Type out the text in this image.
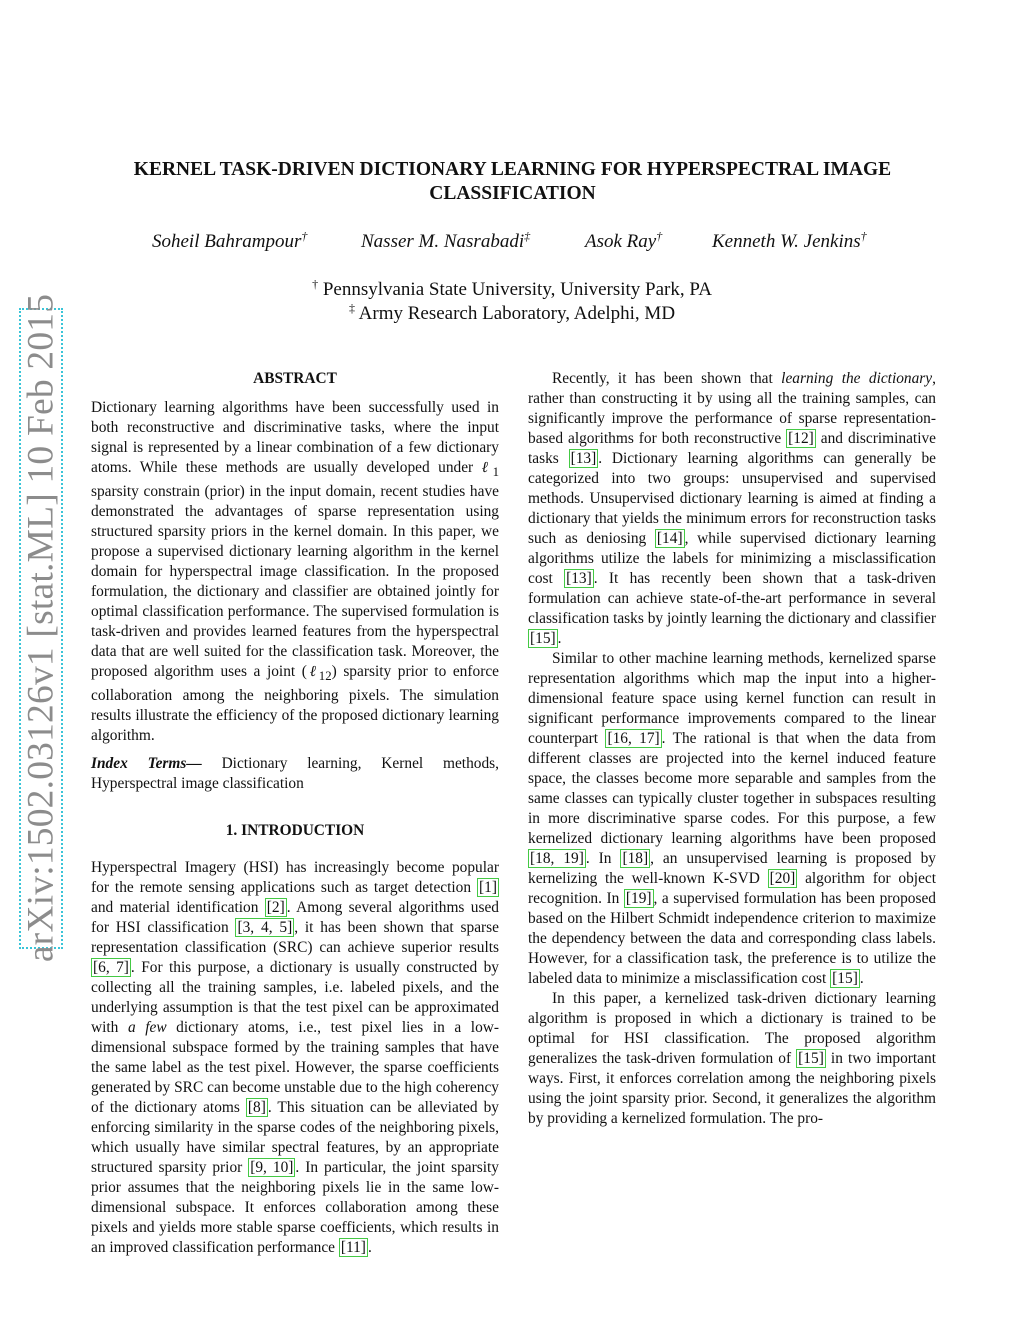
arXiv:1502.03126v1 [stat.ML] 10 Feb 2015
KERNEL TASK-DRIVEN DICTIONARY LEARNING FOR HYPERSPECTRAL IMAGE CLASSIFICATION
Soheil Bahrampour†	Nasser M. Nasrabadi‡	Asok Ray†	Kenneth W. Jenkins†
† Pennsylvania State University, University Park, PA
‡ Army Research Laboratory, Adelphi, MD

ABSTRACT

Dictionary learning algorithms have been successfully used in both reconstructive and discriminative tasks, where the input signal is represented by a linear combination of a few dictionary atoms. While these methods are usually developed under ℓ$_1$ sparsity constrain (prior) in the input domain, recent studies have demonstrated the advantages of sparse representation using structured sparsity priors in the kernel domain. In this paper, we propose a supervised dictionary learning algorithm in the kernel domain for hyperspectral image classification. In the proposed formulation, the dictionary and classifier are obtained jointly for optimal classification performance. The supervised formulation is task-driven and provides learned features from the hyperspectral data that are well suited for the classification task. Moreover, the proposed algorithm uses a joint (ℓ$_{12}$) sparsity prior to enforce collaboration among the neighboring pixels. The simulation results illustrate the efficiency of the proposed dictionary learning algorithm.

Index Terms— Dictionary learning, Kernel methods, Hyperspectral image classification

1. INTRODUCTION

Hyperspectral Imagery (HSI) has increasingly become popular for the remote sensing applications such as target detection [1] and material identification [2] . Among several algorithms used for HSI classification [3, 4, 5] , it has been shown that sparse representation classification (SRC) can achieve superior results [6, 7] . For this purpose, a dictionary is usually constructed by collecting all the training samples, i.e. labeled pixels, and the underlying assumption is that the test pixel can be approximated with a few dictionary atoms, i.e., test pixel lies in a low-dimensional subspace formed by the training samples that have the same label as the test pixel. However, the sparse coefficients generated by SRC can become unstable due to the high coherency of the dictionary atoms [8] . This situation can be alleviated by enforcing similarity in the sparse codes of the neighboring pixels, which usually have similar spectral features, by an appropriate structured sparsity prior [9, 10] . In particular, the joint sparsity prior assumes that the neighboring pixels lie in the same low-dimensional subspace. It enforces collaboration among these pixels and yields more stable sparse coefficients, which results in an improved classification performance [11] .

Recently, it has been shown that learning the dictionary, rather than constructing it by using all the training samples, can significantly improve the performance of sparse representation-based algorithms for both reconstructive [12] and discriminative tasks [13] . Dictionary learning algorithms can generally be categorized into two groups: unsupervised and supervised methods. Unsupervised dictionary learning is aimed at finding a dictionary that yields the minimum errors for reconstruction tasks such as deniosing [14] , while supervised dictionary learning algorithms utilize the labels for minimizing a misclassification cost [13] . It has recently been shown that a task-driven formulation can achieve state-of-the-art performance in several classification tasks by jointly learning the dictionary and classifier [15] .

Similar to other machine learning methods, kernelized sparse representation algorithms which map the input into a higher-dimensional feature space using kernel function can result in significant performance improvements compared to the linear counterpart [16, 17] . The rational is that when the data from different classes are projected into the kernel induced feature space, the classes become more separable and samples from the same classes can typically cluster together in subspaces resulting in more discriminative sparse codes. For this purpose, a few kernelized dictionary learning algorithms have been proposed [18, 19] . In [18] , an unsupervised learning is proposed by kernelizing the well-known K-SVD [20] algorithm for object recognition. In [19] , a supervised formulation has been proposed based on the Hilbert Schmidt independence criterion to maximize the dependency between the data and corresponding class labels. However, for a classification task, the preference is to utilize the labeled data to minimize a misclassification cost [15] .

In this paper, a kernelized task-driven dictionary learning algorithm is proposed in which a dictionary is trained to be optimal for HSI classification. The proposed algorithm generalizes the task-driven formulation of [15] in two important ways. First, it enforces correlation among the neighboring pixels using the joint sparsity prior. Second, it generalizes the algorithm by providing a kernelized formulation. The pro-
